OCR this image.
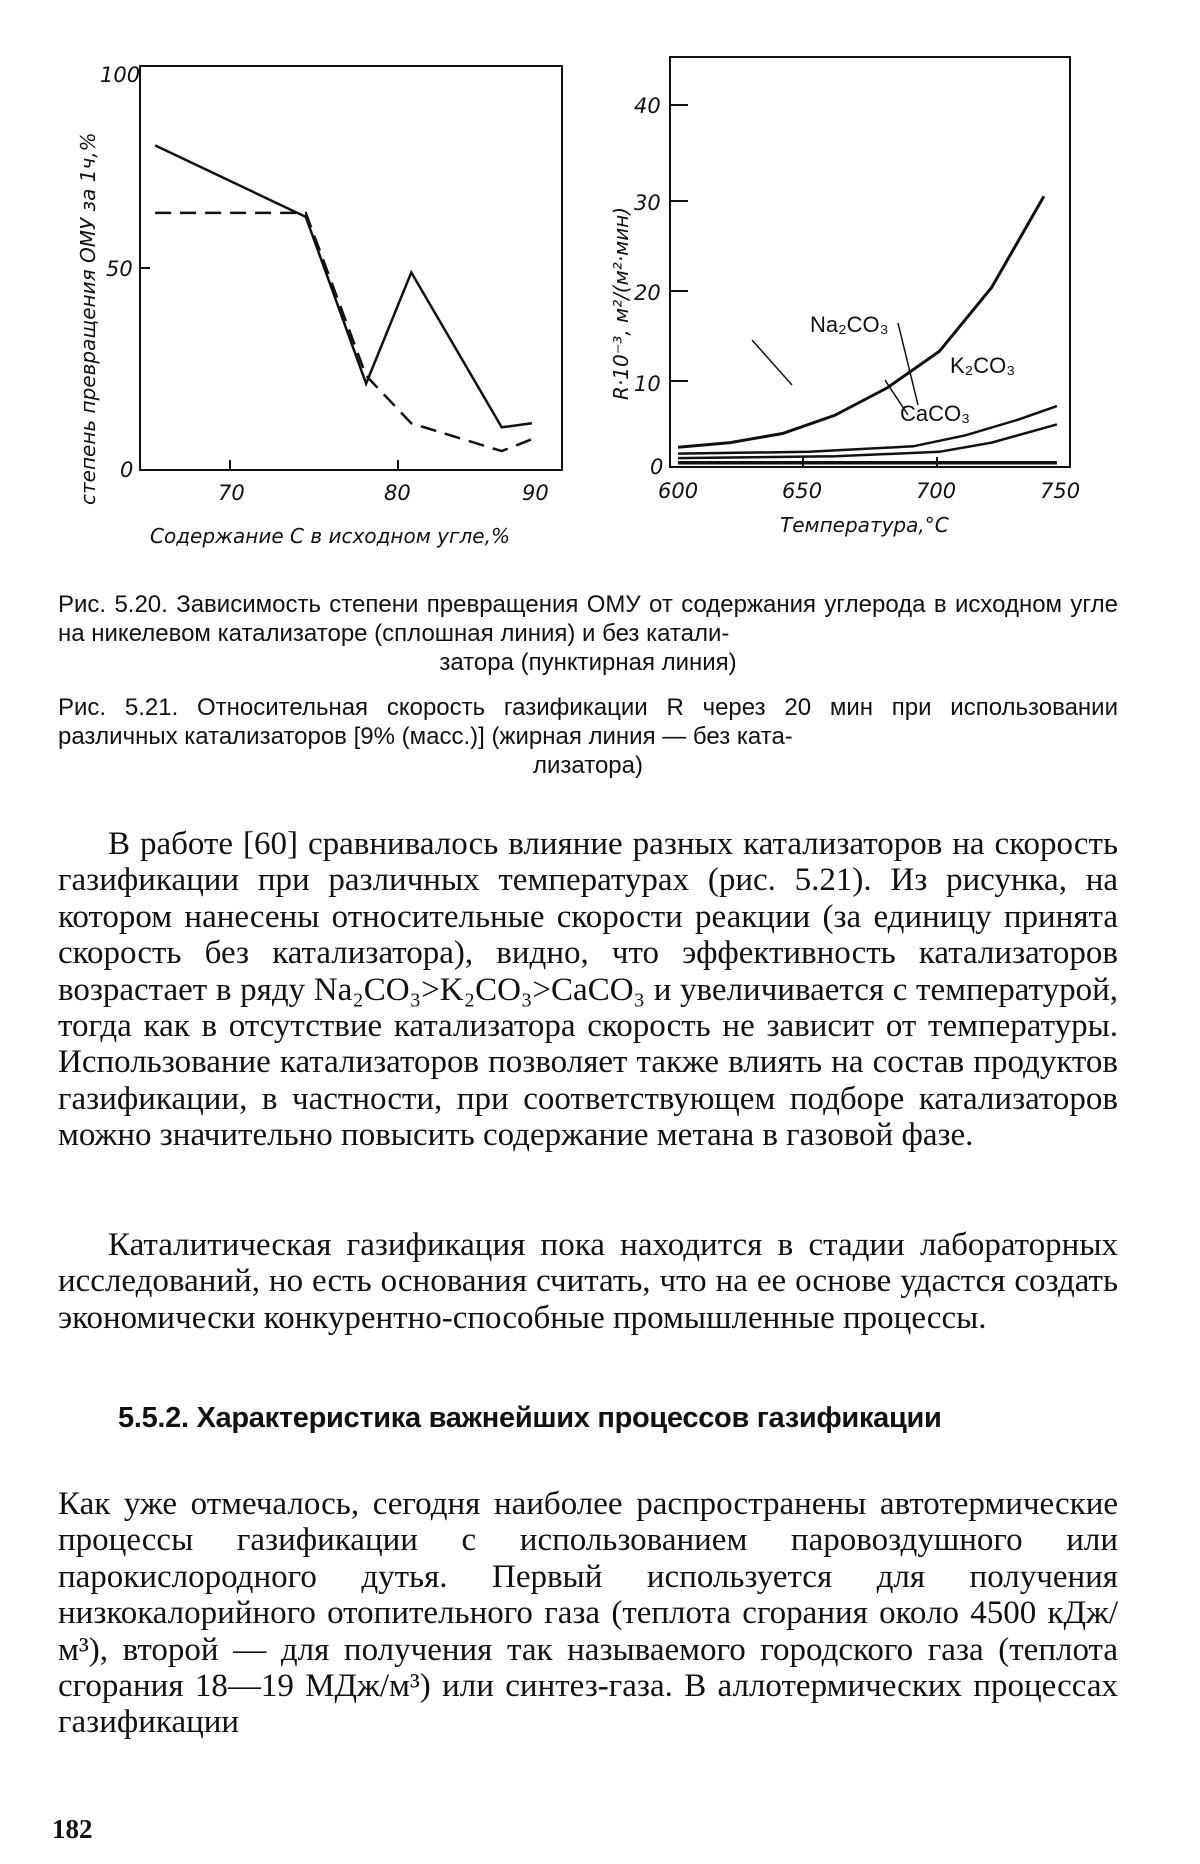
100
50
0
70	80	90
Содержание С в исходном угле,%
степень превращения ОМУ за 1ч,%
40
30
20
10
0
600	650	700	750
Температура,°С
R·10⁻³, м²/(м²·мин)	Na₂CO₃
K₂CO₃
CaCO₃
Рис. 5.20. Зависимость степени превращения ОМУ от содержания углерода в исходном угле на никелевом катализаторе (сплошная линия) и без катали-
затора (пунктирная линия)
Рис. 5.21. Относительная скорость газификации R через 20 мин при использовании различных катализаторов [9% (масс.)] (жирная линия — без ката-
лизатора)
В работе [60] сравнивалось влияние разных катализаторов на скорость газификации при различных температурах (рис. 5.21). Из рисунка, на котором нанесены относительные скорости реакции (за единицу принята скорость без катализатора), видно, что эффективность катализаторов возрастает в ряду Na₂CO₃>K₂CO₃>CaCO₃ и увеличивается с температурой, тогда как в отсутствие катализатора скорость не зависит от температуры. Использование катализаторов позволяет также влиять на состав продуктов газификации, в частности, при соответствующем подборе катализаторов можно значительно повысить содержание метана в газовой фазе.
Каталитическая газификация пока находится в стадии лабораторных исследований, но есть основания считать, что на ее основе удастся создать экономически конкурентно-способные промышленные процессы.
5.5.2. Характеристика важнейших процессов газификации
Как уже отмечалось, сегодня наиболее распространены автотермические процессы газификации с использованием паровоздушного или парокислородного дутья. Первый используется для получения низкокалорийного отопительного газа (теплота сгорания около 4500 кДж/м³), второй — для получения так называемого городского газа (теплота сгорания 18—19 МДж/м³) или синтез-газа. В аллотермических процессах газификации
182
